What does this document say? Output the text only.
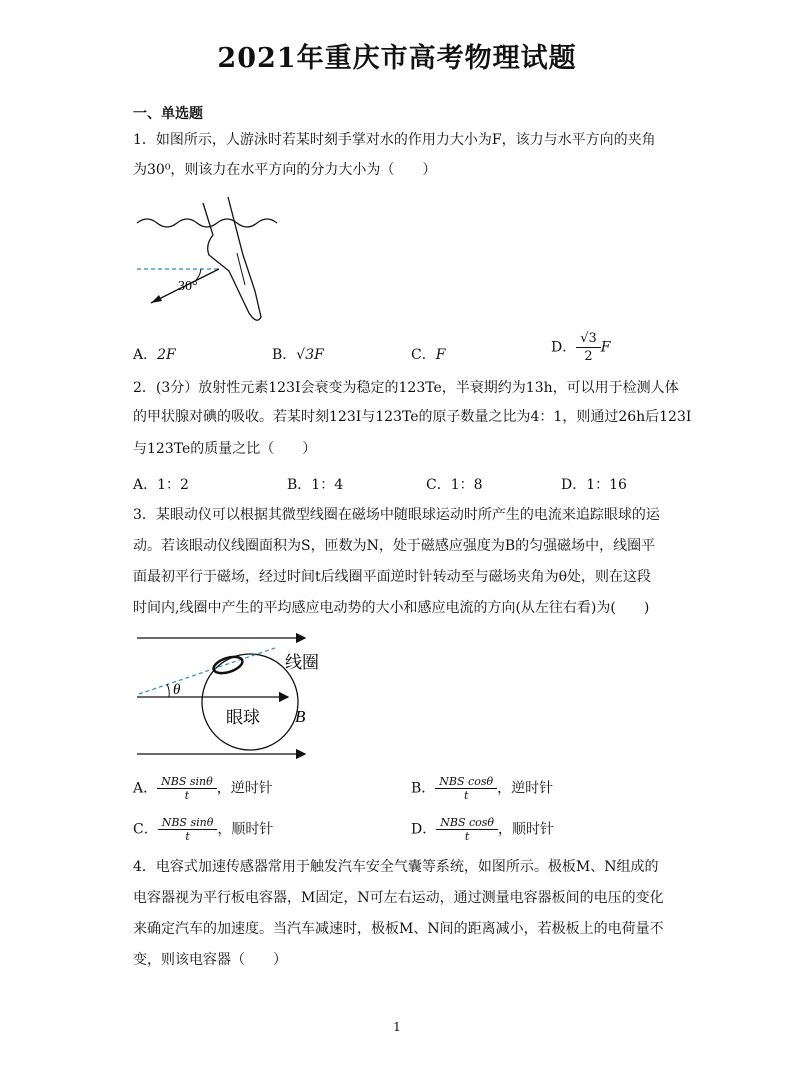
2021年重庆市高考物理试题
一、单选题
1．如图所示，人游泳时若某时刻手掌对水的作用力大小为F，该力与水平方向的夹角
为30⁰，则该力在水平方向的分力大小为（　　）
30°
A．2F	B．√3F	C．F	D． $\frac{√3}{2}$ F
2．(3分）放射性元素123I会衰变为稳定的123Te，半衰期约为13h，可以用于检测人体
的甲状腺对碘的吸收。若某时刻123I与123Te的原子数量之比为4：1，则通过26h后123I
与123Te的质量之比（　　）
A．1：2	B．1：4	C．1：8	D．1：16
3．某眼动仪可以根据其微型线圈在磁场中随眼球运动时所产生的电流来追踪眼球的运
动。若该眼动仪线圈面积为S，匝数为N，处于磁感应强度为B的匀强磁场中，线圈平
面最初平行于磁场，经过时间t后线圈平面逆时针转动至与磁场夹角为θ处，则在这段
时间内,线圈中产生的平均感应电动势的大小和感应电流的方向(从左往右看)为(　　)
θ
线圈
眼球 B
A． $\frac{\text{NBS sinθ}}{t}$ ，逆时针	B． $\frac{\text{NBS cosθ}}{t}$ ，逆时针
C． $\frac{\text{NBS sinθ}}{t}$ ，顺时针	D． $\frac{\text{NBS cosθ}}{t}$ ，顺时针
4．电容式加速传感器常用于触发汽车安全气囊等系统，如图所示。极板M、N组成的
电容器视为平行板电容器，M固定，N可左右运动，通过测量电容器板间的电压的变化
来确定汽车的加速度。当汽车减速时，极板M、N间的距离减小，若极板上的电荷量不
变，则该电容器（　　）
1
